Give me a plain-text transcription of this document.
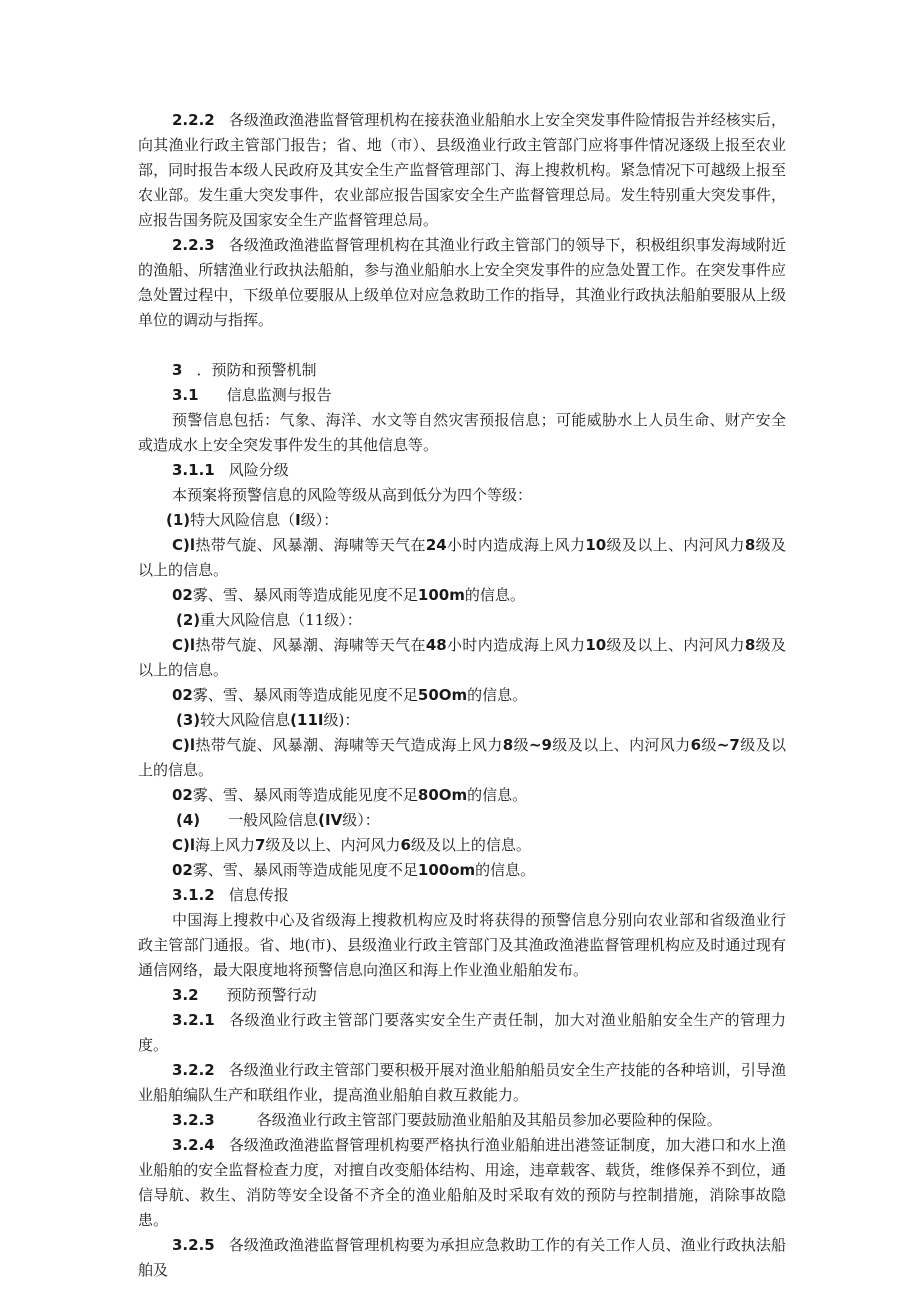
2.2.2 各级渔政渔港监督管理机构在接获渔业船舶水上安全突发事件险情报告并经核实后，向其渔业行政主管部门报告；省、地（市）、县级渔业行政主管部门应将事件情况逐级上报至农业部，同时报告本级人民政府及其安全生产监督管理部门、海上搜救机构。紧急情况下可越级上报至农业部。发生重大突发事件，农业部应报告国家安全生产监督管理总局。发生特别重大突发事件，应报告国务院及国家安全生产监督管理总局。

2.2.3 各级渔政渔港监督管理机构在其渔业行政主管部门的领导下，积极组织事发海域附近的渔船、所辖渔业行政执法船舶，参与渔业船舶水上安全突发事件的应急处置工作。在突发事件应急处置过程中，下级单位要服从上级单位对应急救助工作的指导，其渔业行政执法船舶要服从上级单位的调动与指挥。

3 ．预防和预警机制

3.1 信息监测与报告

预警信息包括：气象、海洋、水文等自然灾害预报信息；可能威胁水上人员生命、财产安全或造成水上安全突发事件发生的其他信息等。

3.1.1 风险分级

本预案将预警信息的风险等级从高到低分为四个等级：

(1)特大风险信息（I级）：

C)l热带气旋、风暴潮、海啸等天气在24小时内造成海上风力10级及以上、内河风力8级及以上的信息。

02雾、雪、暴风雨等造成能见度不足100m的信息。

(2)重大风险信息（11级）：

C)l热带气旋、风暴潮、海啸等天气在48小时内造成海上风力10级及以上、内河风力8级及以上的信息。

02雾、雪、暴风雨等造成能见度不足50Om的信息。

(3)较大风险信息(11I级)：

C)l热带气旋、风暴潮、海啸等天气造成海上风力8级~9级及以上、内河风力6级~7级及以上的信息。

02雾、雪、暴风雨等造成能见度不足80Om的信息。

(4) 一般风险信息(IV级）：

C)l海上风力7级及以上、内河风力6级及以上的信息。

02雾、雪、暴风雨等造成能见度不足100om的信息。

3.1.2 信息传报

中国海上搜救中心及省级海上搜救机构应及时将获得的预警信息分别向农业部和省级渔业行政主管部门通报。省、地(市)、县级渔业行政主管部门及其渔政渔港监督管理机构应及时通过现有通信网络，最大限度地将预警信息向渔区和海上作业渔业船舶发布。

3.2 预防预警行动

3.2.1 各级渔业行政主管部门要落实安全生产责任制，加大对渔业船舶安全生产的管理力度。

3.2.2 各级渔业行政主管部门要积极开展对渔业船舶船员安全生产技能的各种培训，引导渔业船舶编队生产和联组作业，提高渔业船舶自救互救能力。

3.2.3	各级渔业行政主管部门要鼓励渔业船舶及其船员参加必要险种的保险。

3.2.4 各级渔政渔港监督管理机构要严格执行渔业船舶进出港签证制度，加大港口和水上渔业船舶的安全监督检查力度，对擅自改变船体结构、用途，违章载客、载货，维修保养不到位，通信导航、救生、消防等安全设备不齐全的渔业船舶及时采取有效的预防与控制措施，消除事故隐患。

3.2.5 各级渔政渔港监督管理机构要为承担应急救助工作的有关工作人员、渔业行政执法船舶及
